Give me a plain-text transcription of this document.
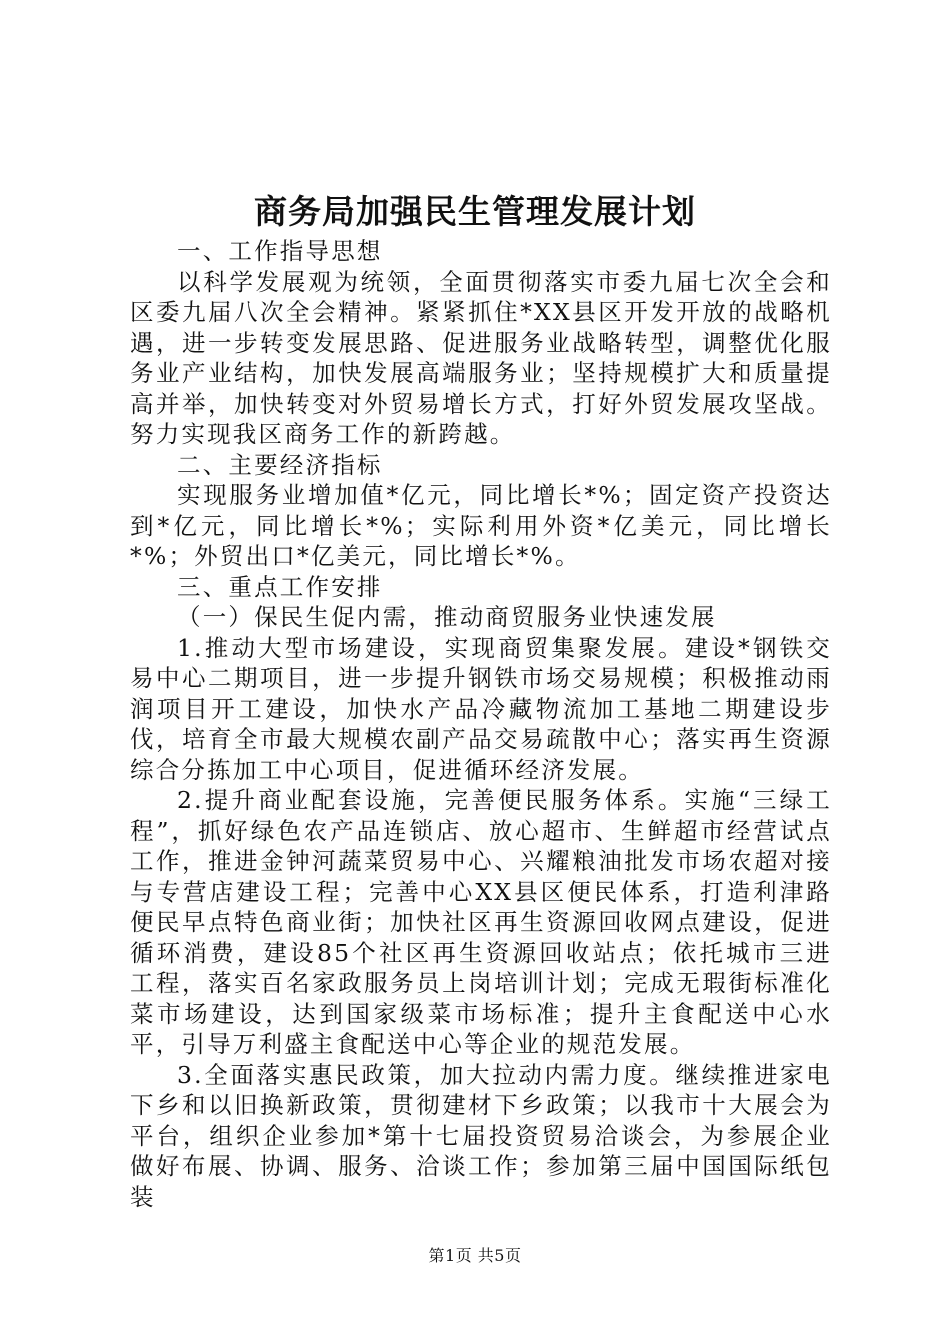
商务局加强民生管理发展计划

一、工作指导思想

以科学发展观为统领，全面贯彻落实市委九届七次全会和区委九届八次全会精神。紧紧抓住*XX县区开发开放的战略机遇，进一步转变发展思路、促进服务业战略转型，调整优化服务业产业结构，加快发展高端服务业；坚持规模扩大和质量提高并举，加快转变对外贸易增长方式，打好外贸发展攻坚战。努力实现我区商务工作的新跨越。

二、主要经济指标

实现服务业增加值*亿元，同比增长*%；固定资产投资达到*亿元，同比增长*%；实际利用外资*亿美元，同比增长*%；外贸出口*亿美元，同比增长*%。

三、重点工作安排

（一）保民生促内需，推动商贸服务业快速发展

1.推动大型市场建设，实现商贸集聚发展。建设*钢铁交易中心二期项目，进一步提升钢铁市场交易规模；积极推动雨润项目开工建设，加快水产品冷藏物流加工基地二期建设步伐，培育全市最大规模农副产品交易疏散中心；落实再生资源综合分拣加工中心项目，促进循环经济发展。

2.提升商业配套设施，完善便民服务体系。实施“三绿工程”，抓好绿色农产品连锁店、放心超市、生鲜超市经营试点工作，推进金钟河蔬菜贸易中心、兴耀粮油批发市场农超对接与专营店建设工程；完善中心XX县区便民体系，打造利津路便民早点特色商业街；加快社区再生资源回收网点建设，促进循环消费，建设85个社区再生资源回收站点；依托城市三进工程，落实百名家政服务员上岗培训计划；完成无瑕街标准化菜市场建设，达到国家级菜市场标准；提升主食配送中心水平，引导万利盛主食配送中心等企业的规范发展。

3.全面落实惠民政策，加大拉动内需力度。继续推进家电下乡和以旧换新政策，贯彻建材下乡政策；以我市十大展会为平台，组织企业参加*第十七届投资贸易洽谈会，为参展企业做好布展、协调、服务、洽谈工作；参加第三届中国国际纸包装

第1页 共5页
